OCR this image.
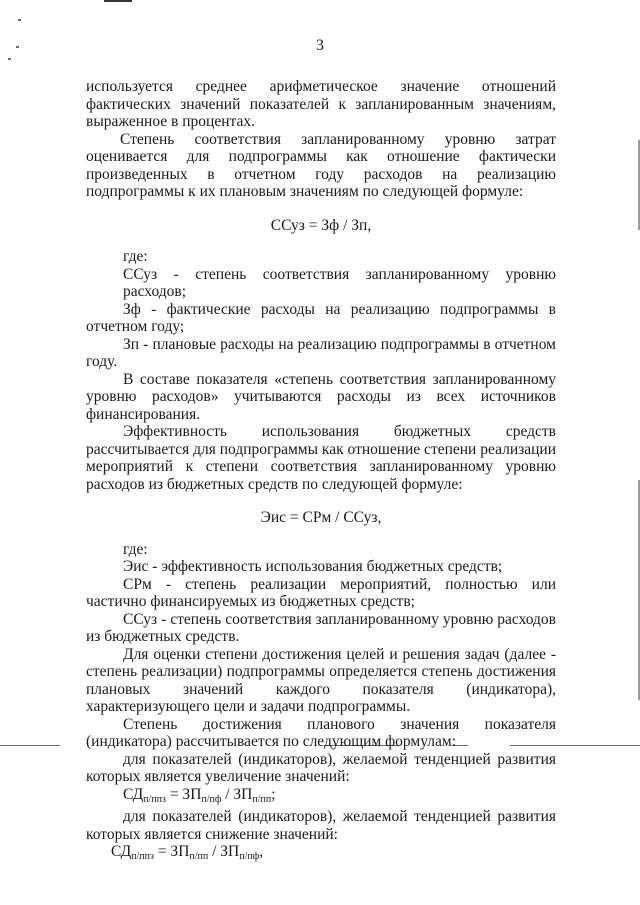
3

используется среднее арифметическое значение отношений фактических значений показателей к запланированным значениям, выраженное в процентах.

Степень соответствия запланированному уровню затрат оценивается для подпрограммы как отношение фактически произведенных в отчетном году расходов на реализацию подпрограммы к их плановым значениям по следующей формуле:

ССуз = Зф / Зп,

где:

ССуз - степень соответствия запланированному уровню расходов;

Зф - фактические расходы на реализацию подпрограммы в отчетном году;

Зп - плановые расходы на реализацию подпрограммы в отчетном году.

В составе показателя «степень соответствия запланированному уровню расходов» учитываются расходы из всех источников финансирования.

Эффективность использования бюджетных средств рассчитывается для подпрограммы как отношение степени реализации мероприятий к степени соответствия запланированному уровню расходов из бюджетных средств по следующей формуле:

Эис = СРм / ССуз,

где:

Эис - эффективность использования бюджетных средств;

СРм - степень реализации мероприятий, полностью или частично финансируемых из бюджетных средств;

ССуз - степень соответствия запланированному уровню расходов из бюджетных средств.

Для оценки степени достижения целей и решения задач (далее - степень реализации) подпрограммы определяется степень достижения плановых значений каждого показателя (индикатора), характеризующего цели и задачи подпрограммы.

Степень достижения планового значения показателя (индикатора) рассчитывается по следующим формулам:

для показателей (индикаторов), желаемой тенденцией развития которых является увеличение значений:

$СД_{п/ппз} = ЗП_{п/пф} / ЗП_{п/пп}$;

для показателей (индикаторов), желаемой тенденцией развития которых является снижение значений:

$СД_{п/ппз} = ЗП_{п/пп} / ЗП_{п/пф}$,
